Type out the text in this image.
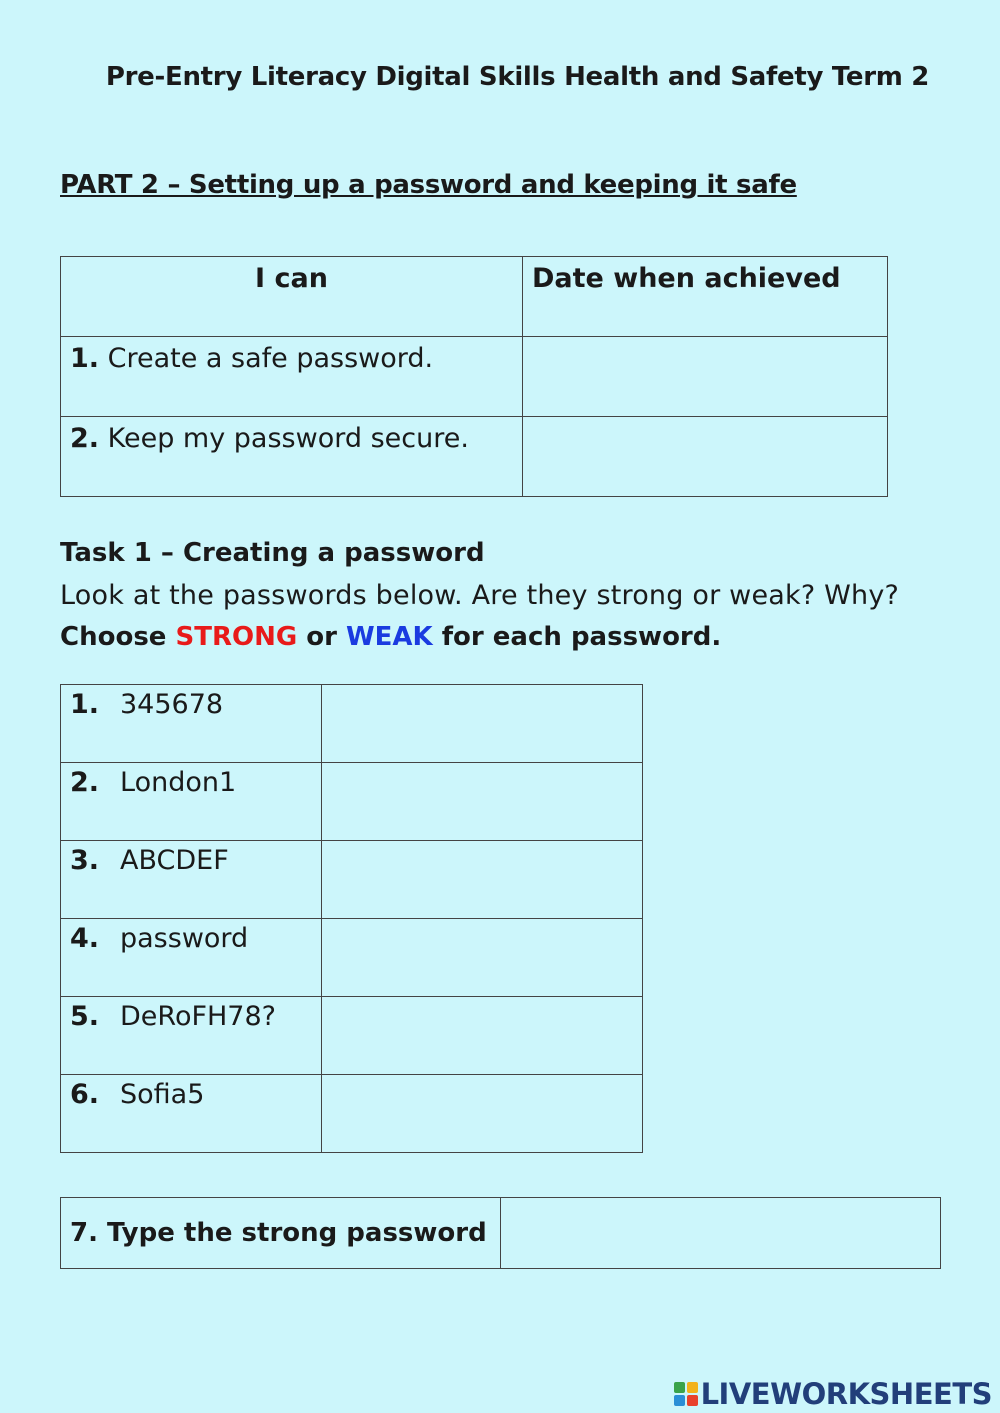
Pre-Entry Literacy Digital Skills Health and Safety Term 2
PART 2 – Setting up a password and keeping it safe
I can	Date when achieved
1. Create a safe password.	
2. Keep my password secure.	
Task 1 – Creating a password
Look at the passwords below. Are they strong or weak? Why?
Choose STRONG or WEAK for each password.
1. 345678	
2. London1	
3. ABCDEF	
4. password	
5. DeRoFH78?	
6. Sofia5	
7. Type the strong password	
LIVEWORKSHEETS
